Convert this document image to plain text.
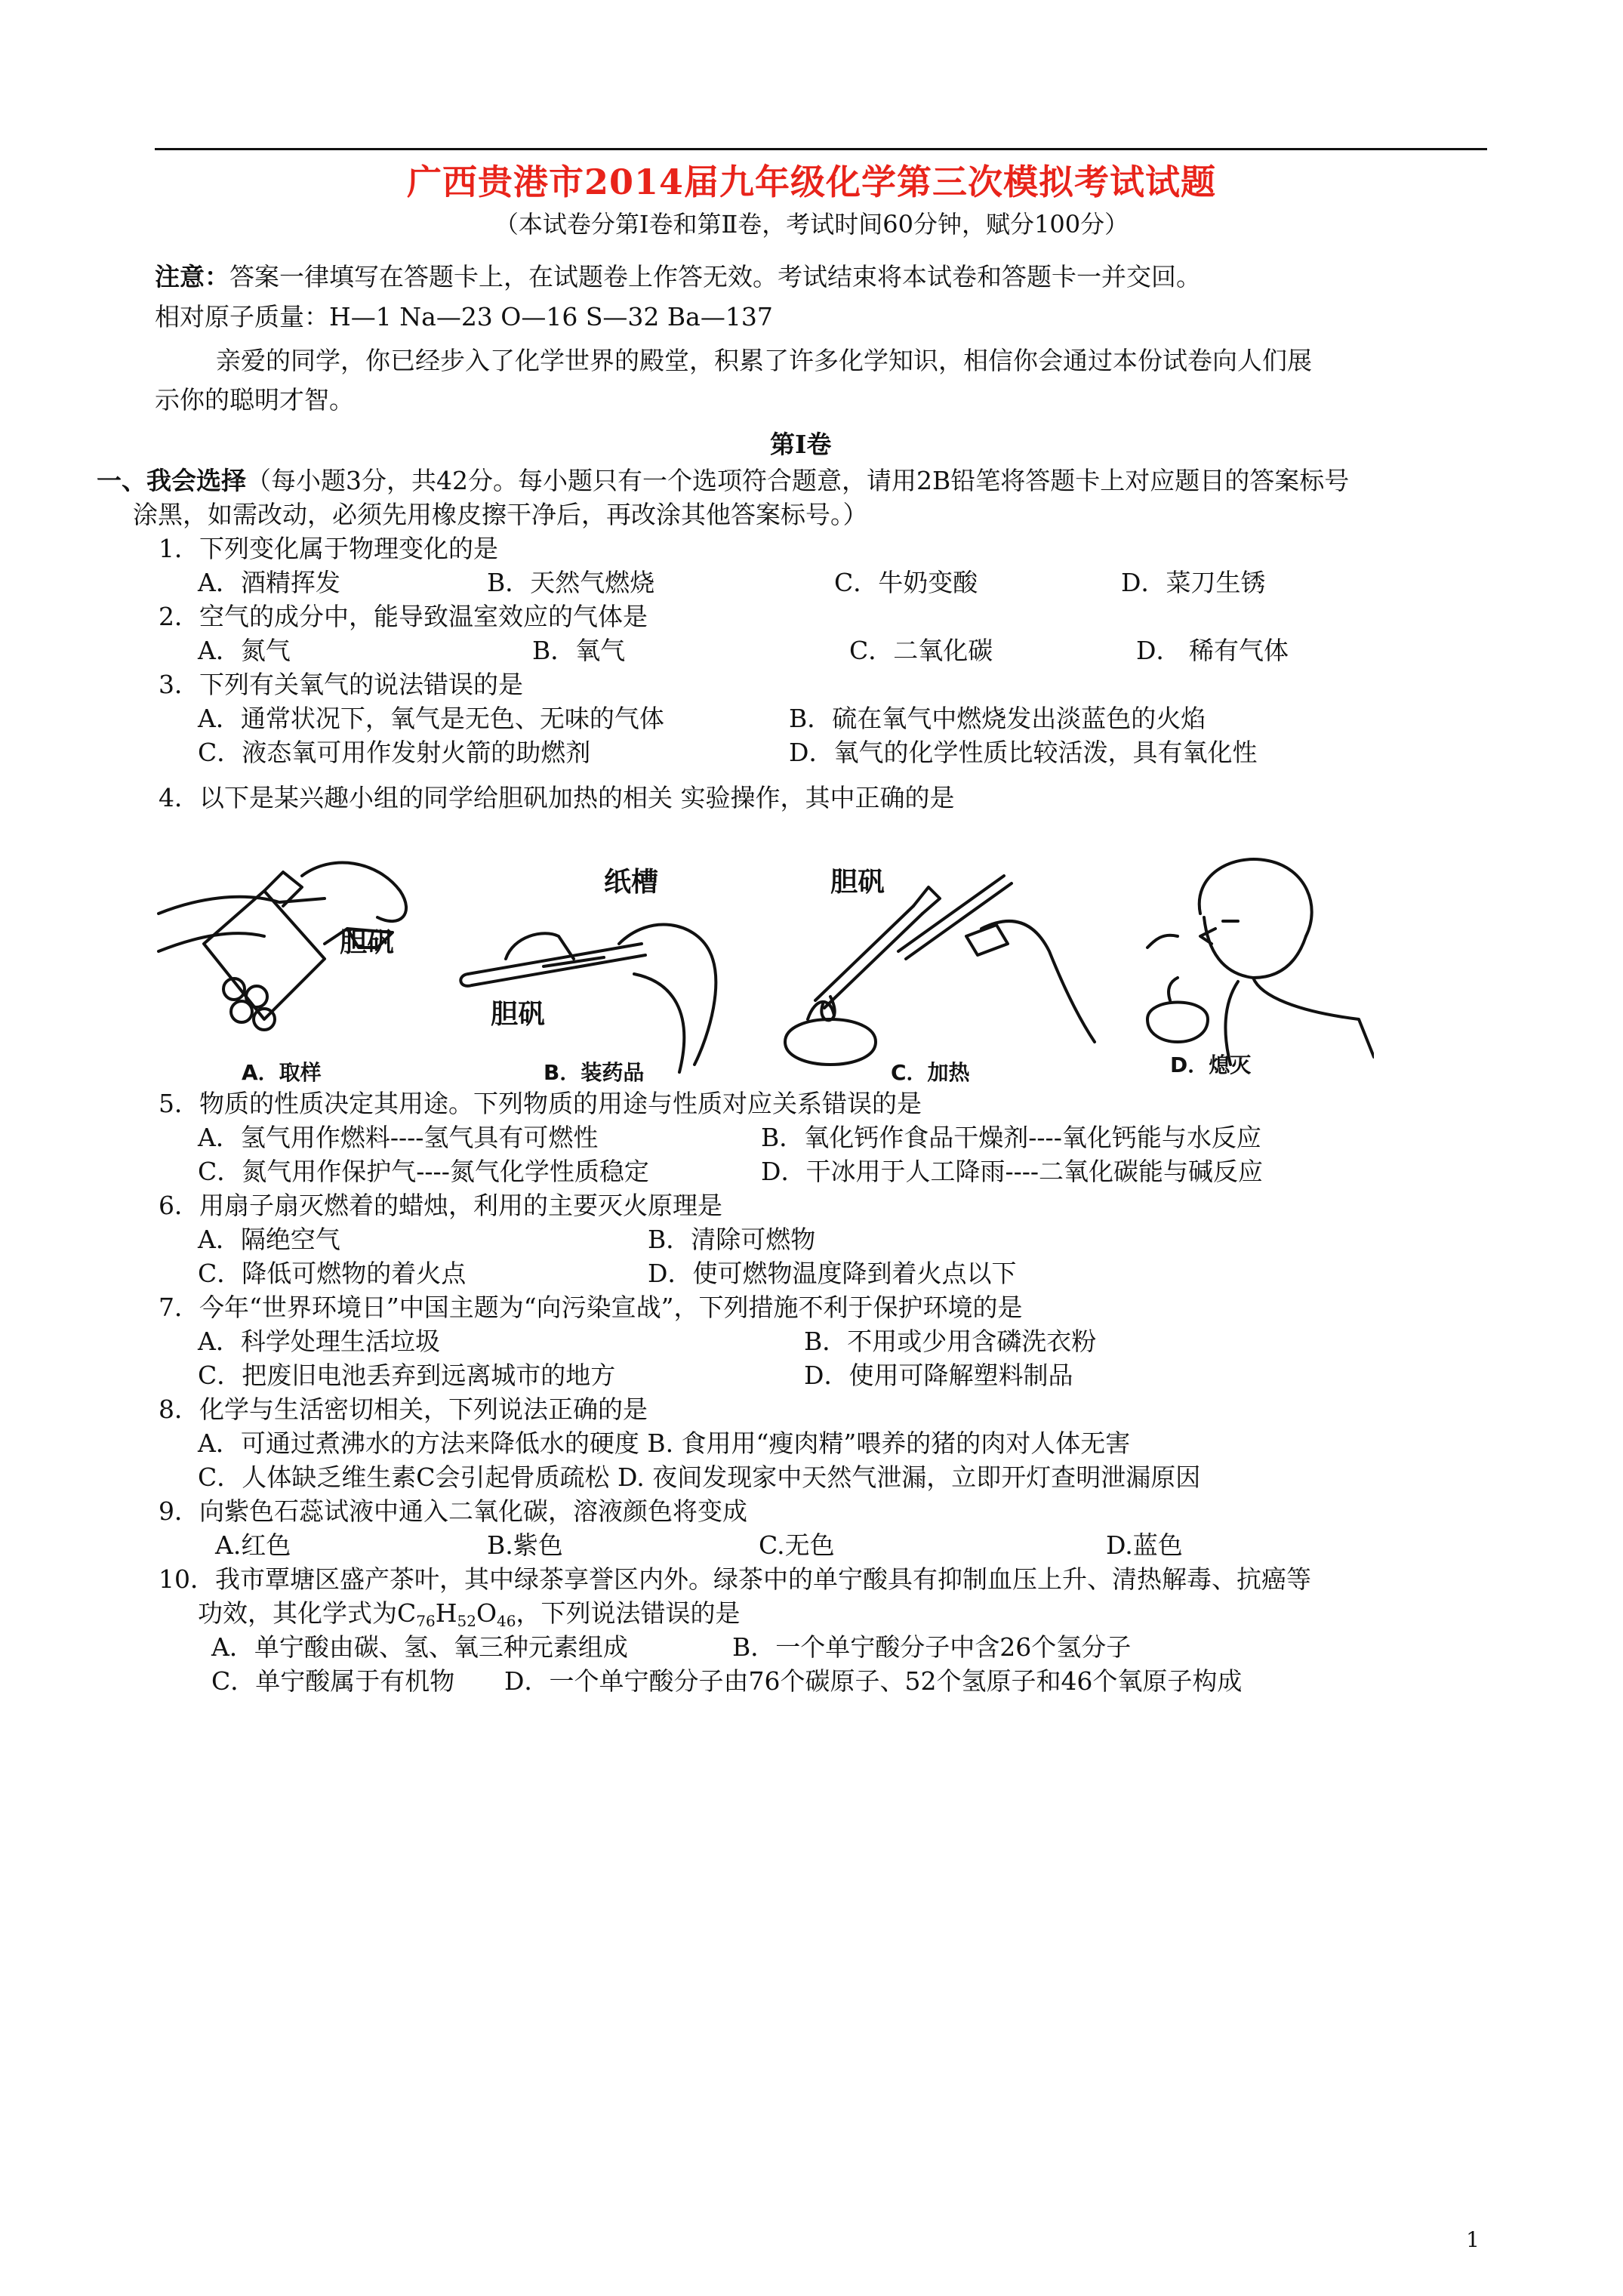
广西贵港市2014届九年级化学第三次模拟考试试题
（本试卷分第Ⅰ卷和第Ⅱ卷，考试时间60分钟，赋分100分）
注意：答案一律填写在答题卡上，在试题卷上作答无效。考试结束将本试卷和答题卡一并交回。
相对原子质量：H—1 Na—23 O—16 S—32 Ba—137
亲爱的同学，你已经步入了化学世界的殿堂，积累了许多化学知识，相信你会通过本份试卷向人们展
示你的聪明才智。
第Ⅰ卷
一、我会选择（每小题3分，共42分。每小题只有一个选项符合题意，请用2B铅笔将答题卡上对应题目的答案标号
涂黑，如需改动，必须先用橡皮擦干净后，再改涂其他答案标号。）
1．下列变化属于物理变化的是
A．酒精挥发	B．天然气燃烧	C．牛奶变酸	D．菜刀生锈
2．空气的成分中，能导致温室效应的气体是
A．氮气	B．氧气	C．二氧化碳	D． 稀有气体
3．下列有关氧气的说法错误的是
A．通常状况下，氧气是无色、无味的气体	B．硫在氧气中燃烧发出淡蓝色的火焰
C．液态氧可用作发射火箭的助燃剂	D．氧气的化学性质比较活泼，具有氧化性
4．以下是某兴趣小组的同学给胆矾加热的相关 实验操作，其中正确的是
胆矾
胆矾
纸槽	胆矾
A．取样	B．装药品	C．加热	D．熄灭
5．物质的性质决定其用途。下列物质的用途与性质对应关系错误的是
A．氢气用作燃料----氢气具有可燃性	B．氧化钙作食品干燥剂----氧化钙能与水反应
C．氮气用作保护气----氮气化学性质稳定	D．干冰用于人工降雨----二氧化碳能与碱反应
6．用扇子扇灭燃着的蜡烛，利用的主要灭火原理是
A．隔绝空气	B．清除可燃物
C．降低可燃物的着火点	D．使可燃物温度降到着火点以下
7．今年“世界环境日”中国主题为“向污染宣战”，下列措施不利于保护环境的是
A．科学处理生活垃圾	B．不用或少用含磷洗衣粉
C．把废旧电池丢弃到远离城市的地方	D．使用可降解塑料制品
8．化学与生活密切相关，下列说法正确的是
A．可通过煮沸水的方法来降低水的硬度 B. 食用用“瘦肉精”喂养的猪的肉对人体无害
C．人体缺乏维生素C会引起骨质疏松 D. 夜间发现家中天然气泄漏，立即开灯查明泄漏原因
9．向紫色石蕊试液中通入二氧化碳，溶液颜色将变成
A.红色	B.紫色	C.无色	D.蓝色
10．我市覃塘区盛产茶叶，其中绿茶享誉区内外。绿茶中的单宁酸具有抑制血压上升、清热解毒、抗癌等
功效，其化学式为$C_{76}H_{52}O_{46}$，下列说法错误的是
A．单宁酸由碳、氢、氧三种元素组成	B．一个单宁酸分子中含26个氢分子
C．单宁酸属于有机物 D．一个单宁酸分子由76个碳原子、52个氢原子和46个氧原子构成
1
